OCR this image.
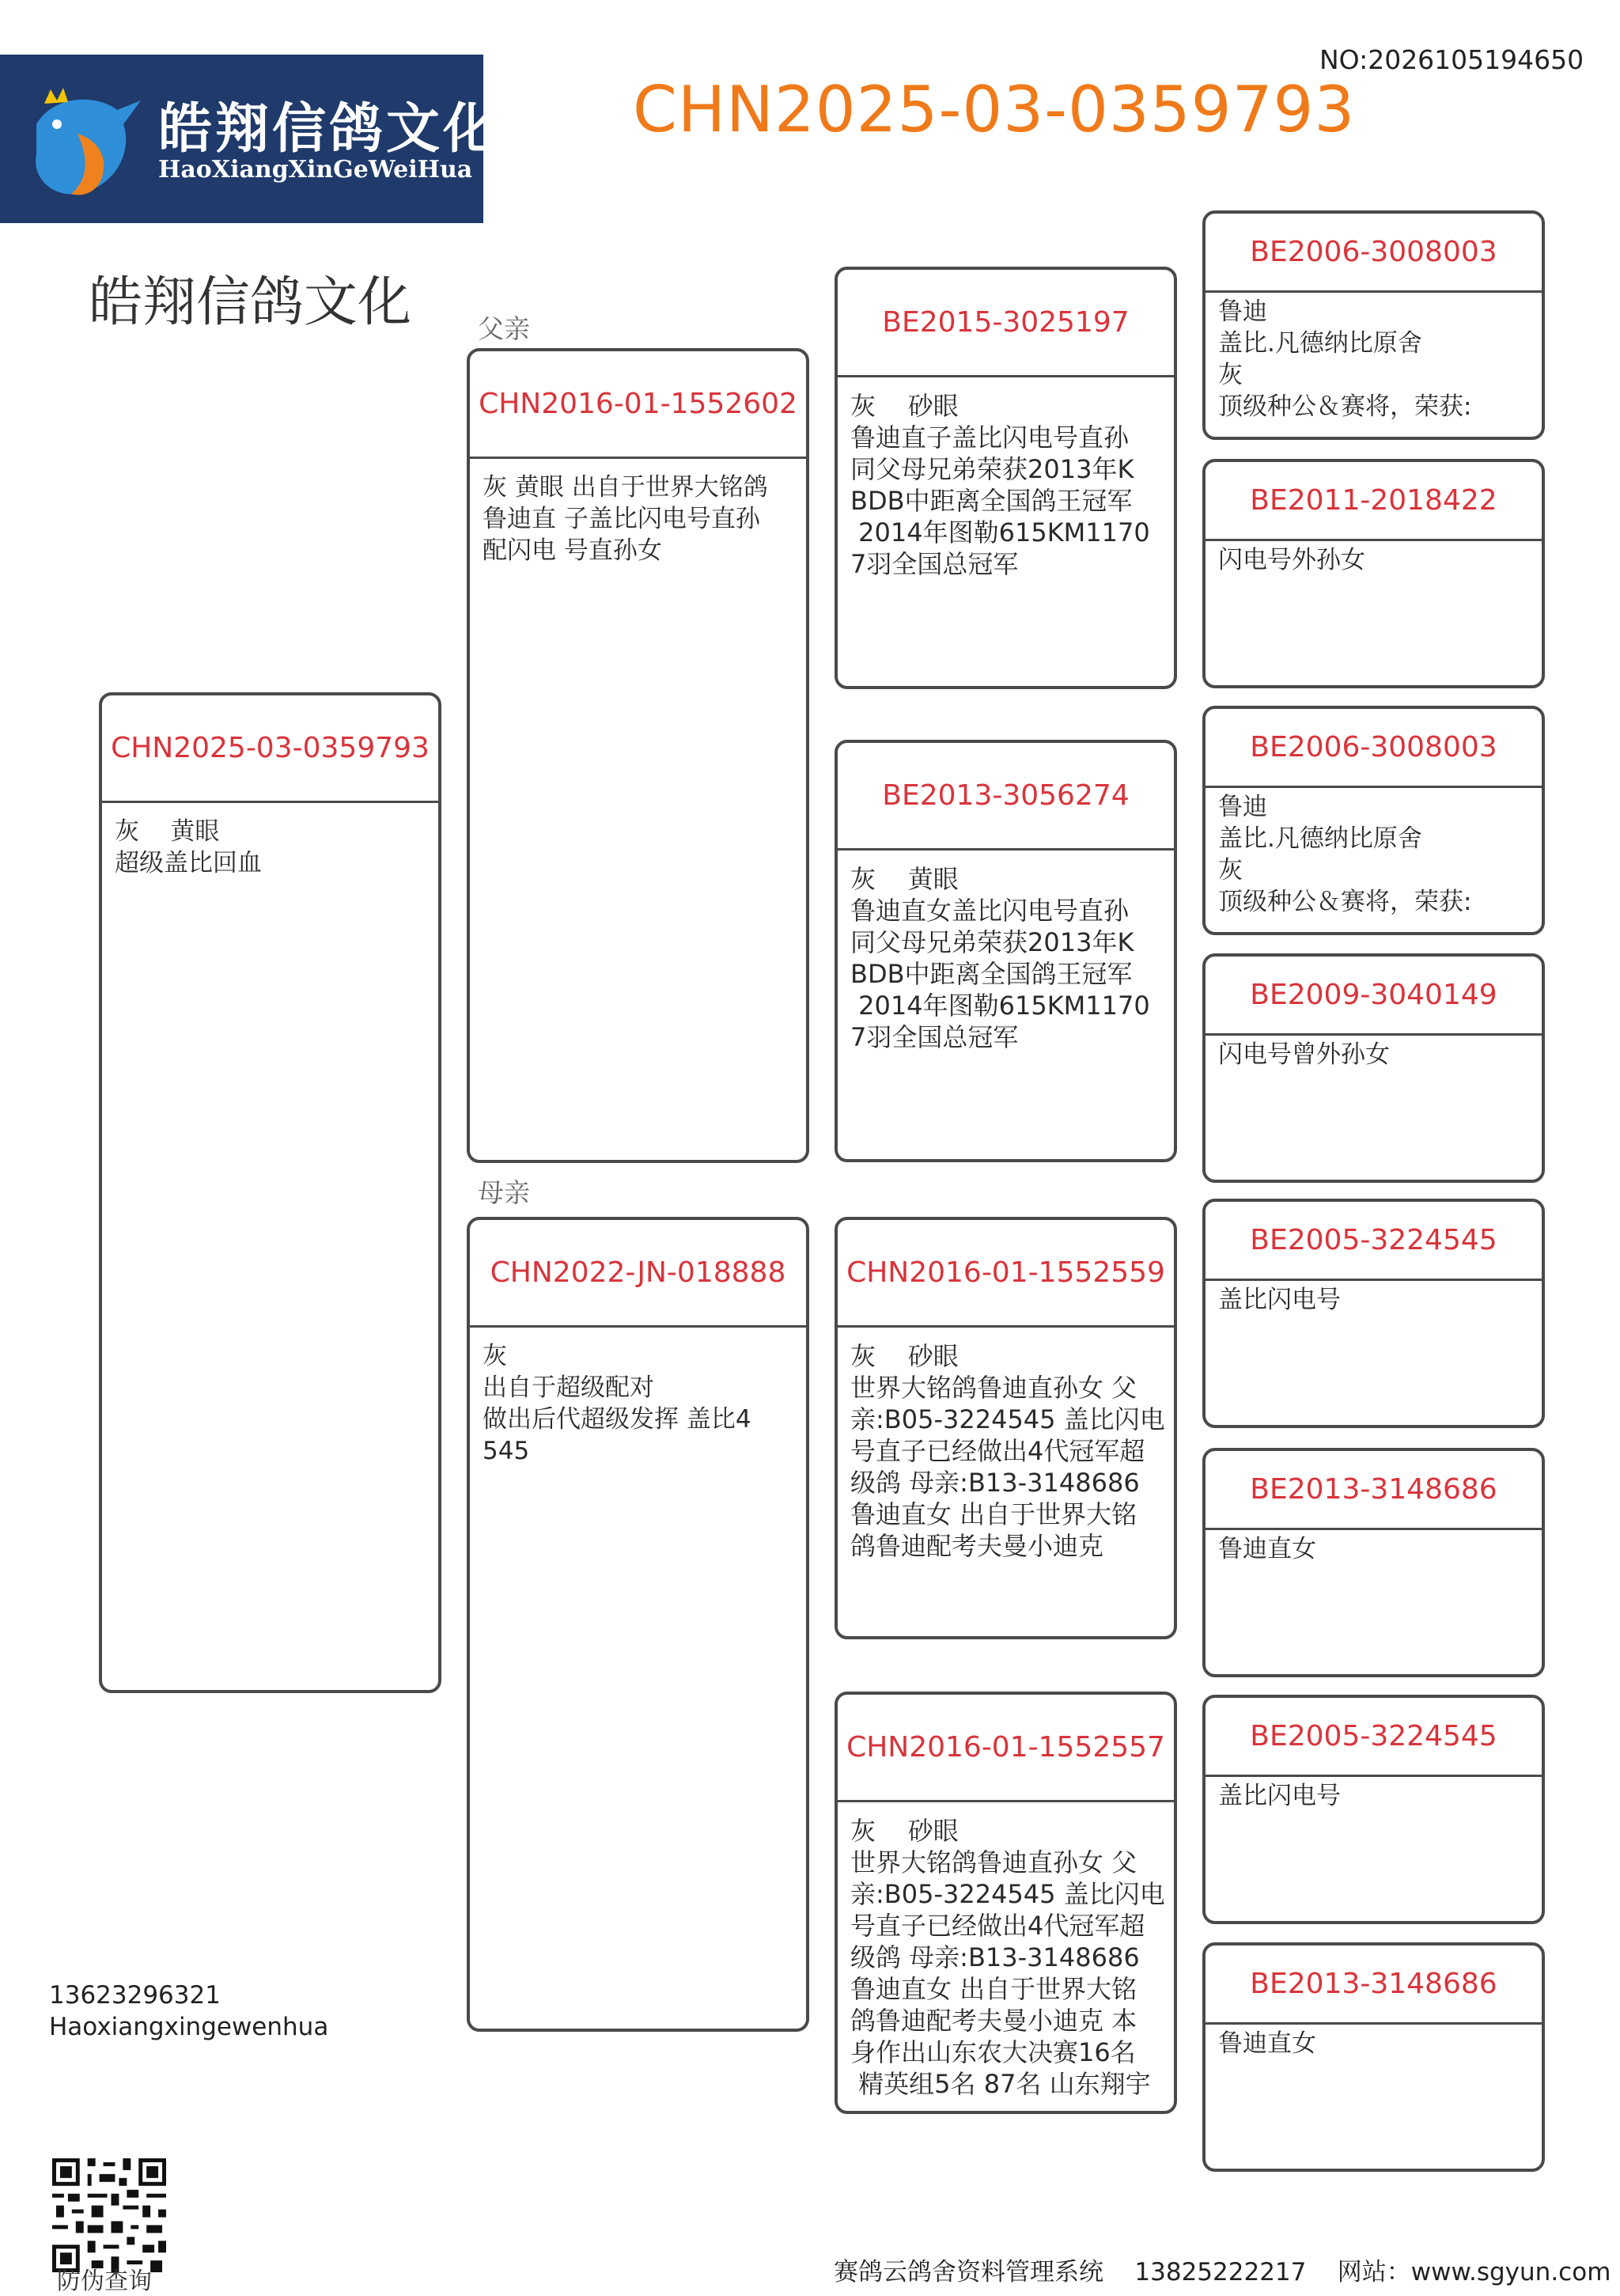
皓翔信鸽文化
HaoXiangXinGeWeiHua
NO:2026105194650
CHN2025-03-0359793
皓翔信鸽文化	父亲
母亲
CHN2025-03-0359793
灰    黄眼
超级盖比回血
CHN2016-01-1552602
灰 黄眼 出自于世界大铭鸽
鲁迪直 子盖比闪电号直孙
配闪电 号直孙女
CHN2022-JN-018888
灰
出自于超级配对
做出后代超级发挥 盖比4
545
BE2015-3025197
灰    砂眼
鲁迪直子盖比闪电号直孙
同父母兄弟荣获2013年K
BDB中距离全国鸽王冠军
2014年图勒615KM1170
7羽全国总冠军
BE2013-3056274
灰    黄眼
鲁迪直女盖比闪电号直孙
同父母兄弟荣获2013年K
BDB中距离全国鸽王冠军
2014年图勒615KM1170
7羽全国总冠军
CHN2016-01-1552559
灰    砂眼
世界大铭鸽鲁迪直孙女 父
亲:B05-3224545 盖比闪电
号直子已经做出4代冠军超
级鸽 母亲:B13-3148686
鲁迪直女 出自于世界大铭
鸽鲁迪配考夫曼小迪克
CHN2016-01-1552557
灰    砂眼
世界大铭鸽鲁迪直孙女 父
亲:B05-3224545 盖比闪电
号直子已经做出4代冠军超
级鸽 母亲:B13-3148686
鲁迪直女 出自于世界大铭
鸽鲁迪配考夫曼小迪克 本
身作出山东农大决赛16名
精英组5名 87名 山东翔宇
BE2006-3008003
鲁迪
盖比.凡德纳比原舍
灰
顶级种公＆赛将，荣获:
BE2011-2018422
闪电号外孙女
BE2006-3008003
鲁迪
盖比.凡德纳比原舍
灰
顶级种公＆赛将，荣获:
BE2009-3040149
闪电号曾外孙女
BE2005-3224545
盖比闪电号
BE2013-3148686
鲁迪直女
BE2005-3224545
盖比闪电号
BE2013-3148686
鲁迪直女
13623296321
Haoxiangxingewenhua
防伪查询	赛鸽云鸽舍资料管理系统    13825222217    网站：www.sgyun.com
